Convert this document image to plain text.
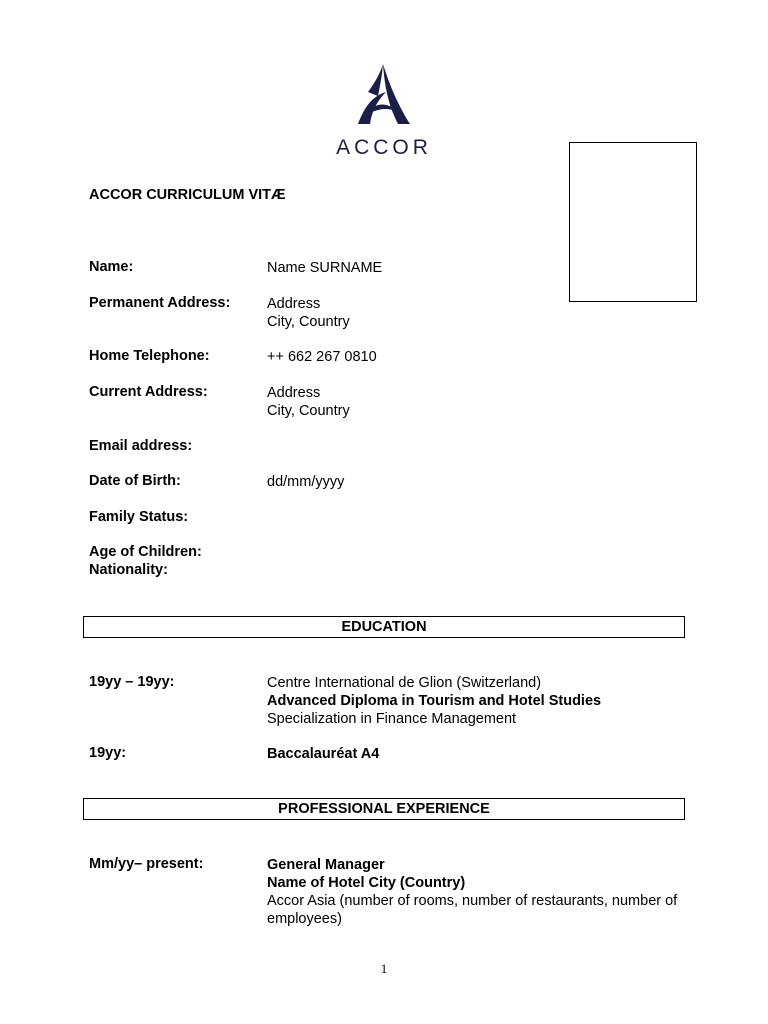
ACCOR
ACCOR CURRICULUM VITÆ
Name:	Name SURNAME
Permanent Address:	Address
City, Country
Home Telephone:	++ 662 267 0810
Current Address:	Address
City, Country
Email address:
Date of Birth:	dd/mm/yyyy
Family Status:
Age of Children:
Nationality:
EDUCATION
19yy – 19yy:	Centre International de Glion (Switzerland)
Advanced Diploma in Tourism and Hotel Studies
Specialization in Finance Management
19yy:	Baccalauréat A4
PROFESSIONAL EXPERIENCE
Mm/yy– present:	General Manager
Name of Hotel City (Country)
Accor Asia (number of rooms, number of restaurants, number of employees)
1
